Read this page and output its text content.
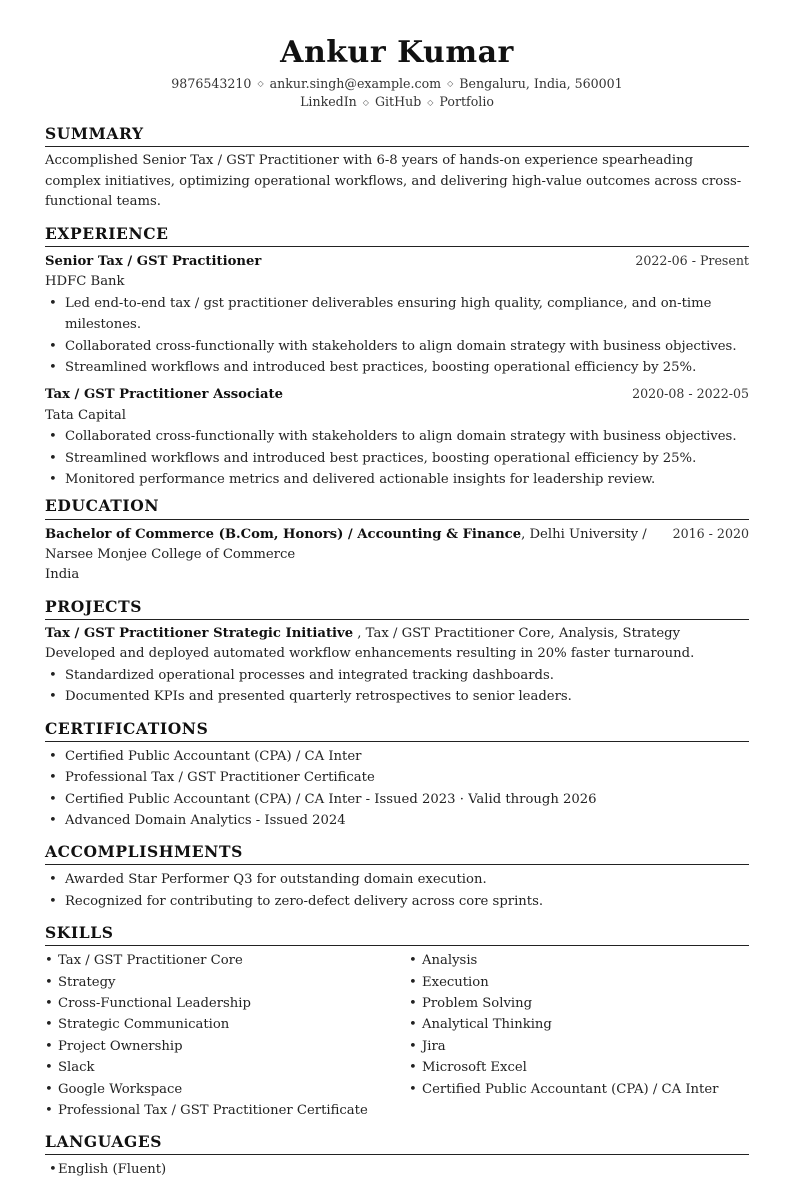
Ankur Kumar
9876543210 ◇ ankur.singh@example.com ◇ Bengaluru, India, 560001
LinkedIn ◇ GitHub ◇ Portfolio
SUMMARY

Accomplished Senior Tax / GST Practitioner with 6-8 years of hands-on experience spearheading complex initiatives, optimizing operational workflows, and delivering high-value outcomes across cross-functional teams.

EXPERIENCE
Senior Tax / GST Practitioner	2022-06 - Present
HDFC Bank
• Led end-to-end tax / gst practitioner deliverables ensuring high quality, compliance, and on-time milestones.
• Collaborated cross-functionally with stakeholders to align domain strategy with business objectives.
• Streamlined workflows and introduced best practices, boosting operational efficiency by 25%.
Tax / GST Practitioner Associate	2020-08 - 2022-05
Tata Capital
• Collaborated cross-functionally with stakeholders to align domain strategy with business objectives.
• Streamlined workflows and introduced best practices, boosting operational efficiency by 25%.
• Monitored performance metrics and delivered actionable insights for leadership review.
EDUCATION
Bachelor of Commerce (B.Com, Honors) / Accounting & Finance, Delhi University / 2016 - 2020
Narsee Monjee College of Commerce
India
PROJECTS
Tax / GST Practitioner Strategic Initiative , Tax / GST Practitioner Core, Analysis, Strategy
Developed and deployed automated workflow enhancements resulting in 20% faster turnaround.
• Standardized operational processes and integrated tracking dashboards.
• Documented KPIs and presented quarterly retrospectives to senior leaders.
CERTIFICATIONS
• Certified Public Accountant (CPA) / CA Inter
• Professional Tax / GST Practitioner Certificate
• Certified Public Accountant (CPA) / CA Inter - Issued 2023 · Valid through 2026
• Advanced Domain Analytics - Issued 2024
ACCOMPLISHMENTS
• Awarded Star Performer Q3 for outstanding domain execution.
• Recognized for contributing to zero-defect delivery across core sprints.
SKILLS
• Tax / GST Practitioner Core
• Strategy
• Cross-Functional Leadership
• Strategic Communication
• Project Ownership
• Slack
• Google Workspace
• Professional Tax / GST Practitioner Certificate
• Analysis
• Execution
• Problem Solving
• Analytical Thinking
• Jira
• Microsoft Excel
• Certified Public Accountant (CPA) / CA Inter
LANGUAGES
• English (Fluent)
